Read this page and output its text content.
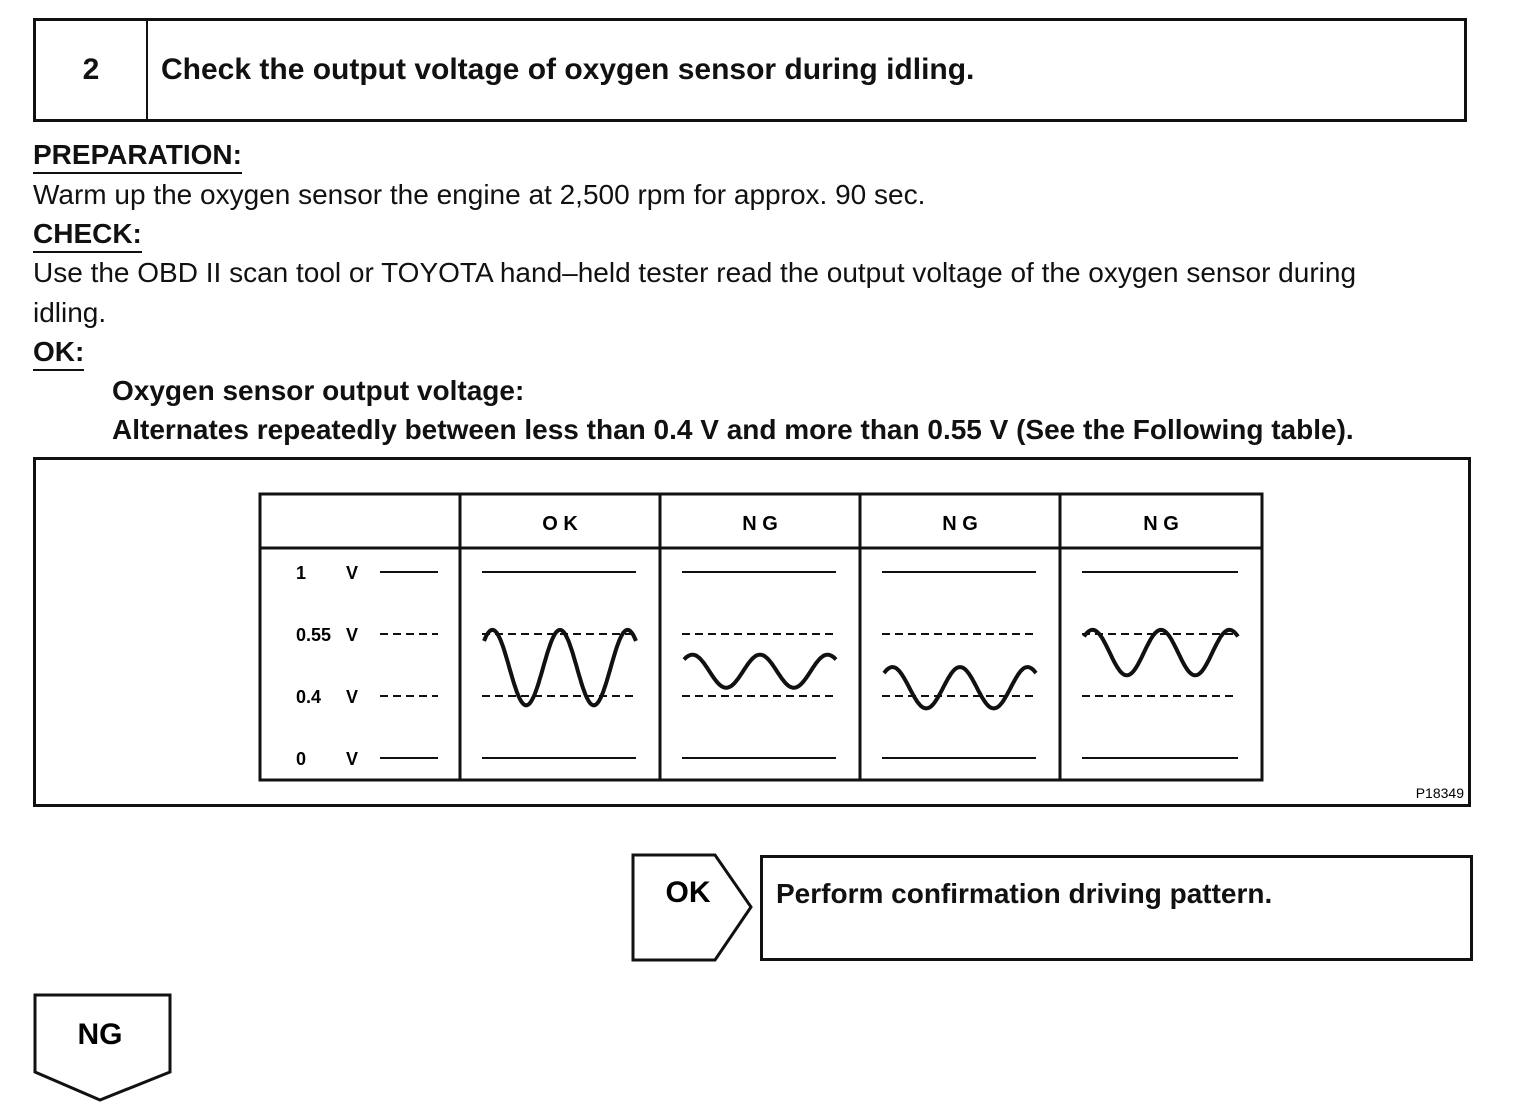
2	Check the output voltage of oxygen sensor during idling.
PREPARATION:
Warm up the oxygen sensor the engine at 2,500 rpm for approx. 90 sec.
CHECK:
Use the OBD II scan tool or TOYOTA hand–held tester read the output voltage of the oxygen sensor during
idling.
OK:
Oxygen sensor output voltage:
Alternates repeatedly between less than 0.4 V and more than 0.55 V (See the Following table).
O K	N G	N G	N G
1 V
0.55 V
0.4 V
0 V
P18349
OK Perform confirmation driving pattern.
NG
